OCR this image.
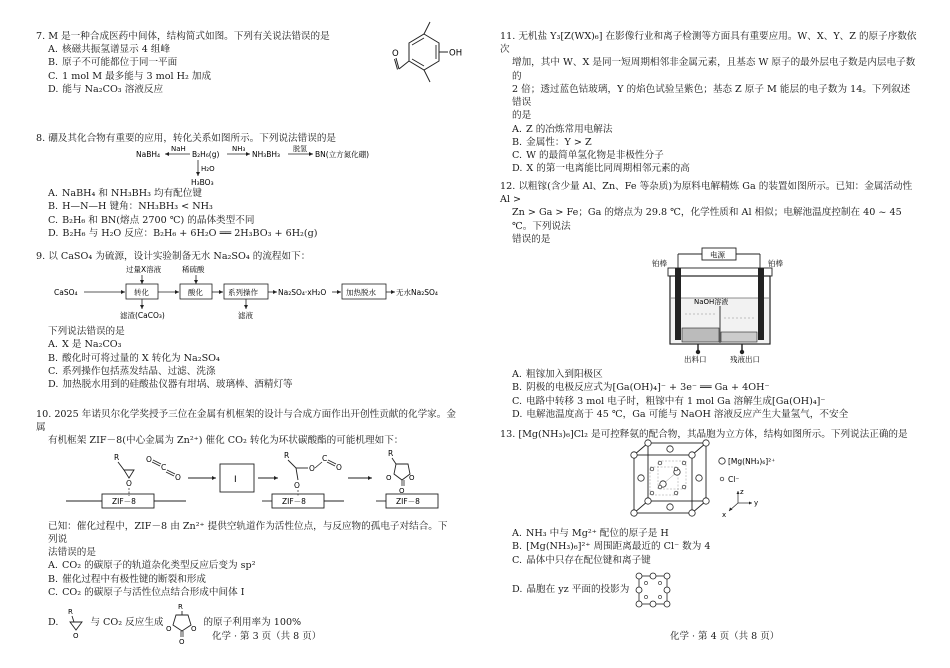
7. M 是一种合成医药中间体，结构简式如图。下列有关说法错误的是
A. 核磁共振氢谱显示 4 组峰
B. 原子不可能都位于同一平面
C. 1 mol M 最多能与 3 mol H₂ 加成
D. 能与 Na₂CO₃ 溶液反应
OH
O
8. 硼及其化合物有重要的应用，转化关系如图所示。下列说法错误的是
NaBH₄
NaH
B₂H₆(g)
NH₃
NH₃BH₃
脱氢
BN(立方氮化硼)
H₂O
H₃BO₃
A. NaBH₄ 和 NH₃BH₃ 均有配位键
B. H—N—H 键角：NH₃BH₃ < NH₃
C. B₂H₆ 和 BN(熔点 2700 ℃) 的晶体类型不同
D. B₂H₆ 与 H₂O 反应：B₂H₆ + 6H₂O ══ 2H₃BO₃ + 6H₂(g)
9. 以 CaSO₄ 为硫源，设计实验制备无水 Na₂SO₄ 的流程如下：
过量X溶液	稀硫酸
CaSO₄	转化	酸化	系列操作	Na₂SO₄·xH₂O	加热脱水	无水Na₂SO₄
滤渣(CaCO₃)	滤液
下列说法错误的是
A. X 是 Na₂CO₃
B. 酸化时可将过量的 X 转化为 Na₂SO₄
C. 系列操作包括蒸发结晶、过滤、洗涤
D. 加热脱水用到的硅酸盐仪器有坩埚、玻璃棒、酒精灯等
10. 2025 年诺贝尔化学奖授予三位在金属有机框架的设计与合成方面作出开创性贡献的化学家。金属
有机框架 ZIF－8(中心金属为 Zn²⁺) 催化 CO₂ 转化为环状碳酸酯的可能机理如下：
R
O
O
C
O
ZIF－8
I
R
O
C
O
O
ZIF－8
R
O O
O
ZIF－8
已知：催化过程中，ZIF－8 由 Zn²⁺ 提供空轨道作为活性位点，与反应物的孤电子对结合。下列说
法错误的是
A. CO₂ 的碳原子的轨道杂化类型反应后变为 sp²
B. 催化过程中有极性键的断裂和形成
C. CO₂ 的碳原子与活性位点结合形成中间体 I
D.
R
O
与 CO₂ 反应生成
R
O	O
O
的原子利用率为 100%
化学 · 第 3 页（共 8 页）
11. 无机盐 Y₃[Z(WX)₆] 在影像行业和离子检测等方面具有重要应用。W、X、Y、Z 的原子序数依次
增加，其中 W、X 是同一短周期相邻非金属元素，且基态 W 原子的最外层电子数是内层电子数的
2 倍；透过蓝色钴玻璃，Y 的焰色试验呈紫色；基态 Z 原子 M 能层的电子数为 14。下列叙述错误
的是
A. Z 的冶炼常用电解法
B. 金属性：Y > Z
C. W 的最简单氢化物是非极性分子
D. X 的第一电离能比同周期相邻元素的高
12. 以粗镓(含少量 Al、Zn、Fe 等杂质)为原料电解精炼 Ga 的装置如图所示。已知：金属活动性 Al >
Zn > Ga > Fe；Ga 的熔点为 29.8 ℃，化学性质和 Al 相似；电解池温度控制在 40 ~ 45 ℃。下列说法
错误的是
电源
铂棒	铂棒
NaOH溶液
出料口	残液出口
A. 粗镓加入到阳极区
B. 阴极的电极反应式为[Ga(OH)₄]⁻ + 3e⁻ ══ Ga + 4OH⁻
C. 电路中转移 3 mol 电子时，粗镓中有 1 mol Ga 溶解生成[Ga(OH)₄]⁻
D. 电解池温度高于 45 ℃，Ga 可能与 NaOH 溶液反应产生大量氢气，不安全
13. [Mg(NH₃)₆]Cl₂ 是可控释氨的配合物，其晶胞为立方体，结构如图所示。下列说法正确的是
[Mg(NH₃)₆]²⁺
Cl⁻
z
y
x
A. NH₃ 中与 Mg²⁺ 配位的原子是 H
B. [Mg(NH₃)₆]²⁺ 周围距离最近的 Cl⁻ 数为 4
C. 晶体中只存在配位键和离子键
D. 晶胞在 yz 平面的投影为
化学 · 第 4 页（共 8 页）
